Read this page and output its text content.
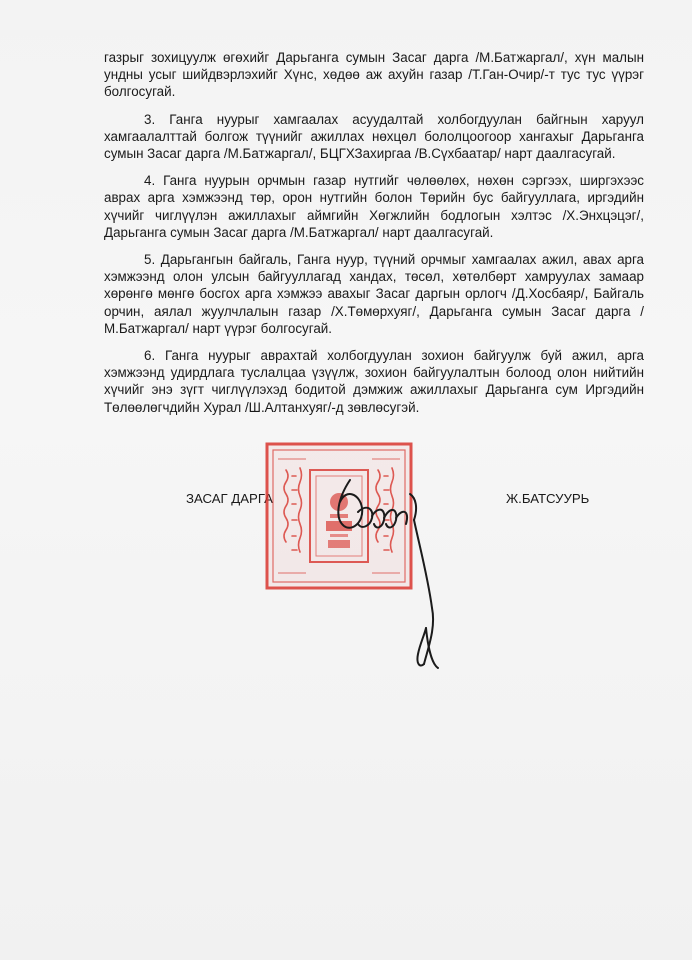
газрыг зохицуулж өгөхийг Дарьганга сумын Засаг дарга /М.Батжаргал/, хүн малын ундны усыг шийдвэрлэхийг Хүнс, хөдөө аж ахуйн газар /Т.Ган-Очир/-т тус тус үүрэг болгосугай.

3. Ганга нуурыг хамгаалах асуудалтай холбогдуулан байгнын харуул хамгаалалттай болгож түүнийг ажиллах нөхцөл бололцоогоор хангахыг Дарьганга сумын Засаг дарга /М.Батжаргал/, БЦГХЗахиргаа /В.Сүхбаатар/ нарт даалгасугай.

4. Ганга нуурын орчмын газар нутгийг чөлөөлөх, нөхөн сэргээх, ширгэхээс аврах арга хэмжээнд төр, орон нутгийн болон Төрийн бус байгууллага, иргэдийн хүчийг чиглүүлэн ажиллахыг аймгийн Хөгжлийн бодлогын хэлтэс /Х.Энхцэцэг/, Дарьганга сумын Засаг дарга /М.Батжаргал/ нарт даалгасугай.

5. Дарьгангын байгаль, Ганга нуур, түүний орчмыг хамгаалах ажил, авах арга хэмжээнд олон улсын байгууллагад хандах, төсөл, хөтөлбөрт хамруулах замаар хөрөнгө мөнгө босгох арга хэмжээ авахыг Засаг даргын орлогч /Д.Хосбаяр/, Байгаль орчин, аялал жуулчлалын газар /Х.Төмөрхуяг/, Дарьганга сумын Засаг дарга /М.Батжаргал/ нарт үүрэг болгосугай.

6. Ганга нуурыг аврахтай холбогдуулан зохион байгуулж буй ажил, арга хэмжээнд удирдлага туслалцаа үзүүлж, зохион байгуулалтын болоод олон нийтийн хүчийг энэ зүгт чиглүүлэхэд бодитой дэмжиж ажиллахыг Дарьганга сум Иргэдийн Төлөөлөгчдийн Хурал /Ш.Алтанхуяг/-д зөвлөсугэй.

ЗАСАГ ДАРГА	Ж.БАТСУУРЬ
